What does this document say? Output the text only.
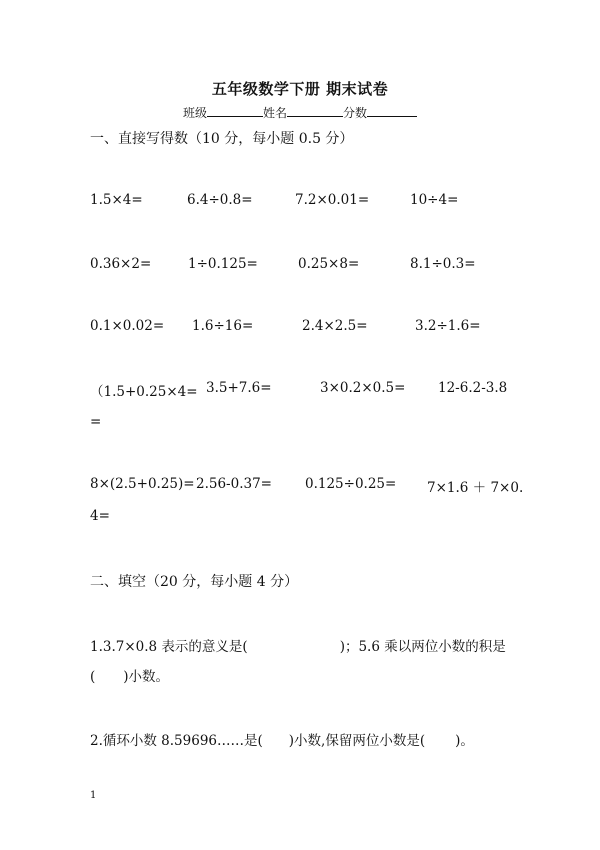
五年级数学下册 期末试卷
班级	姓名	分数
一、直接写得数（10 分，每小题 0.5 分）
1.5×4=	6.4÷0.8=	7.2×0.01=	10÷4=
0.36×2=	1÷0.125=	0.25×8=	8.1÷0.3=
0.1×0.02= 1.6÷16=	2.4×2.5=	3.2÷1.6=
（1.5+0.25×4= 3.5+7.6=	3×0.2×0.5= 12-6.2-3.8
=
8×(2.5+0.25)= 2.56-0.37= 0.125÷0.25= 7×1.6 ＋ 7×0.
4=
二、填空（20 分，每小题 4 分）
1.3.7×0.8 表示的意义是(	)；5.6 乘以两位小数的积是
( )小数。
2.循环小数 8.59696……是( )小数,保留两位小数是( )。
1
